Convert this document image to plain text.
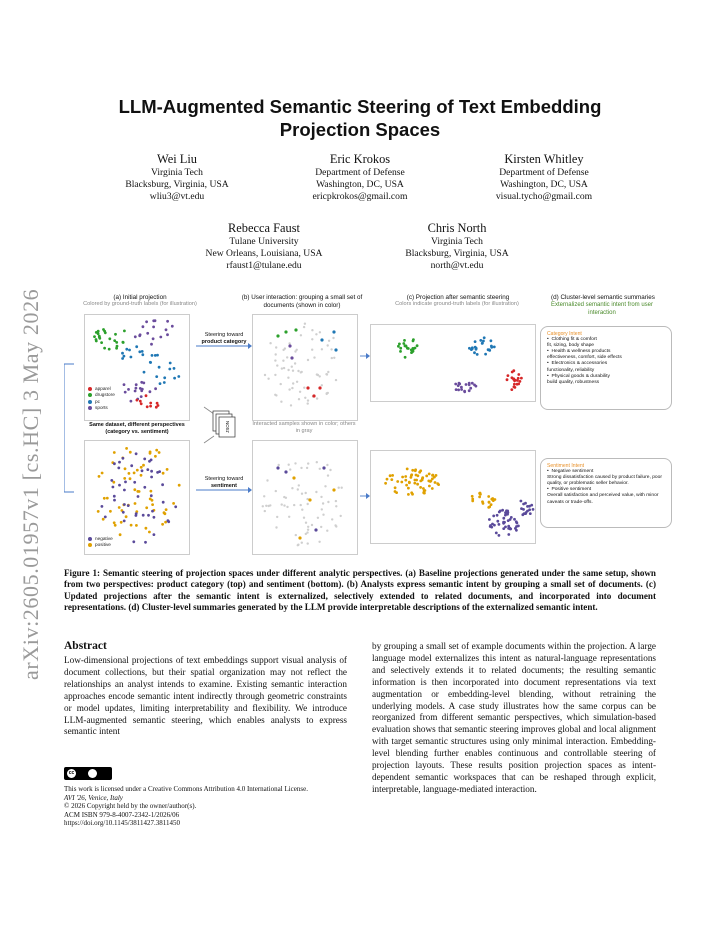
arXiv:2605.01957v1 [cs.HC] 3 May 2026
LLM-Augmented Semantic Steering of Text Embedding Projection Spaces
Wei Liu
Virginia Tech
Blacksburg, Virginia, USA
wliu3@vt.edu
Eric Krokos
Department of Defense
Washington, DC, USA
ericpkrokos@gmail.com
Kirsten Whitley
Department of Defense
Washington, DC, USA
visual.tycho@gmail.com
Rebecca Faust
Tulane University
New Orleans, Louisiana, USA
rfaust1@tulane.edu
Chris North
Virginia Tech
Blacksburg, Virginia, USA
north@vt.edu
(a) Initial projection
Colored by ground-truth labels (for illustration)
(b) User interaction: grouping a small set of documents (shown in color)
(c) Projection after semantic steering
Colors indicate ground-truth labels (for illustration)
(d) Cluster-level semantic summaries
Externalized semantic intent from user interaction
JSON
Steering toward
product category
Steering toward
sentiment
Same dataset, different perspectives
(category vs. sentiment)
Interacted samples shown in color; others in gray
apparel
drugstore
pc
sports
negative
positive
Category Intent
•  Clothing fit & comfort
fit, sizing, body shape
•  Health & wellness products
effectiveness, comfort, side effects
•  Electronics & accessories
functionality, reliability
•  Physical goods & durability
build quality, robustness
Sentiment Intent
•  Negative sentiment
Strong dissatisfaction caused by product failure, poor quality, or problematic seller behavior.
•  Positive sentiment
Overall satisfaction and perceived value, with minor caveats or trade-offs.
Figure 1: Semantic steering of projection spaces under different analytic perspectives. (a) Baseline projections generated under the same setup, shown from two perspectives: product category (top) and sentiment (bottom). (b) Analysts express semantic intent by grouping a small set of documents. (c) Updated projections after the semantic intent is externalized, selectively extended to related documents, and incorporated into document representations. (d) Cluster-level summaries generated by the LLM provide interpretable descriptions of the externalized semantic intent.
Abstract
Low-dimensional projections of text embeddings support visual analysis of document collections, but their spatial organization may not reflect the relationships an analyst intends to examine. Existing semantic interaction approaches encode semantic intent indirectly through geometric constraints or model updates, limiting interpretability and flexibility. We introduce LLM-augmented semantic steering, which enables analysts to express semantic intent
by grouping a small set of example documents within the projection. A large language model externalizes this intent as natural-language representations and selectively extends it to related documents; the resulting semantic information is then incorporated into document representations via text augmentation or embedding-level blending, without retraining the underlying models. A case study illustrates how the same corpus can be reorganized from different semantic perspectives, which simulation-based evaluation shows that semantic steering improves global and local alignment with target semantic structures using only minimal interaction. Embedding-level blending further enables continuous and controllable steering of projection layouts. These results position projection spaces as intent-dependent semantic workspaces that can be reshaped through explicit, interpretable, language-mediated interaction.
cc
This work is licensed under a Creative Commons Attribution 4.0 International License.
AVI '26, Venice, Italy
© 2026 Copyright held by the owner/author(s).
ACM ISBN 979-8-4007-2342-1/2026/06
https://doi.org/10.1145/3811427.3811450
